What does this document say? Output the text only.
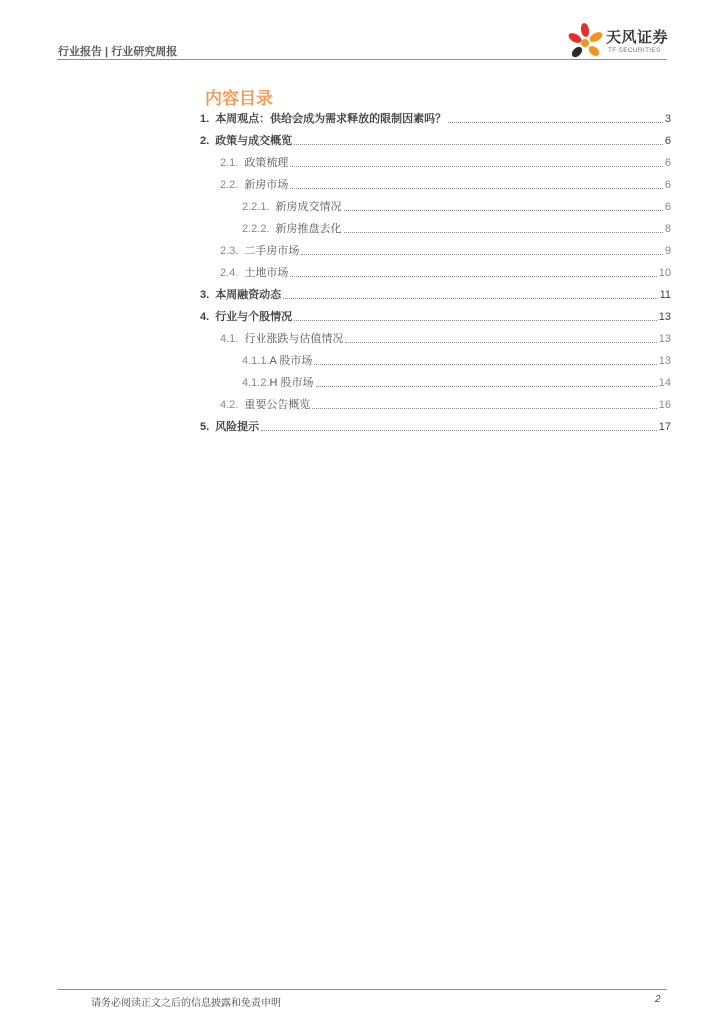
行业报告 | 行业研究周报
天风证券
TF SECURITIES
内容目录
1. 本周观点：供给会成为需求释放的限制因素吗？	3
2. 政策与成交概览	6
2.1. 政策梳理	6
2.2. 新房市场	6
2.2.1. 新房成交情况	6
2.2.2. 新房推盘去化	8
2.3. 二手房市场	9
2.4. 土地市场	10
3. 本周融资动态	11
4. 行业与个股情况	13
4.1. 行业涨跌与估值情况	13
4.1.1. A 股市场	13
4.1.2. H 股市场	14
4.2. 重要公告概览	16
5. 风险提示	17
请务必阅读正文之后的信息披露和免责申明	2
